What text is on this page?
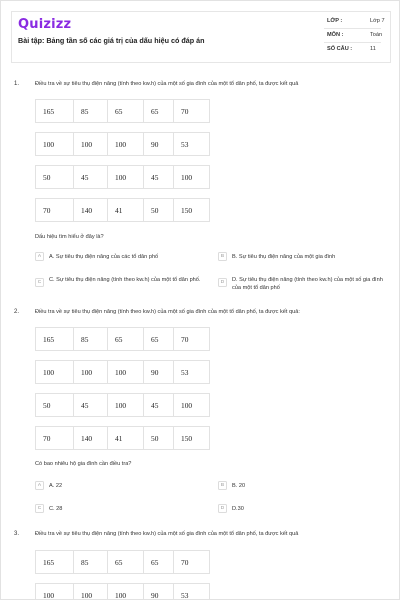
Quizizz
Bài tập: Bảng tần số các giá trị của dấu hiệu có đáp án
LỚP :	Lớp 7
MÔN :	Toán
SỐ CÂU :	11
1.	Điều tra về sự tiêu thụ điện năng (tính theo kw.h) của một số gia đình của một tổ dân phố, ta được kết quả
165	85	65	65	70

100	100	100	90	53

50	45	100	45	100

70	140	41	50	150
Dấu hiệu tìm hiểu ở đây là?
A	A. Sự tiêu thụ điện năng của các tổ dân phố	B	B. Sự tiêu thụ điện năng của một gia đình
C	C. Sự tiêu thụ điện năng (tính theo kw.h) của một tổ dân phố.	D	D. Sự tiêu thụ điện năng (tính theo kw.h) của một số gia đình của một tổ dân phố
2.	Điều tra về sự tiêu thụ điện năng (tính theo kw.h) của một số gia đình của một tổ dân phố, ta được kết quả:
165	85	65	65	70

100	100	100	90	53

50	45	100	45	100

70	140	41	50	150
Có bao nhiêu hộ gia đình cần điều tra?
A	A. 22	B	B. 20
C	C. 28	D	D.30
3.	Điều tra về sự tiêu thụ điện năng (tính theo kw.h) của một số gia đình của một tổ dân phố, ta được kết quả
165	85	65	65	70

100	100	100	90	53
